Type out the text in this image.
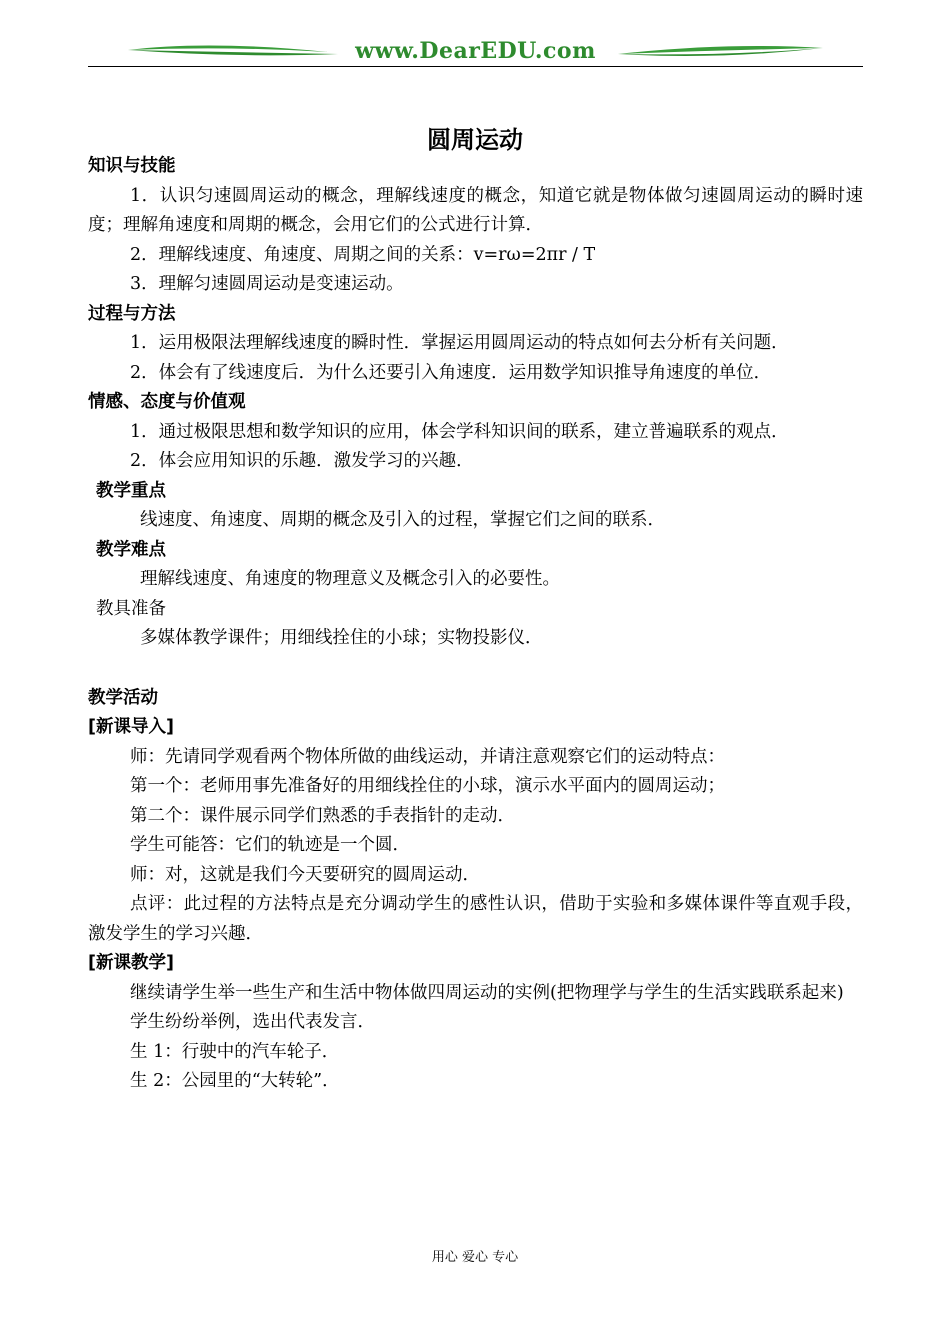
www.DearEDU.com
圆周运动
知识与技能
1．认识匀速圆周运动的概念，理解线速度的概念，知道它就是物体做匀速圆周运动的瞬时速度；理解角速度和周期的概念，会用它们的公式进行计算．
2．理解线速度、角速度、周期之间的关系：v=rω=2πr / T
3．理解匀速圆周运动是变速运动。
过程与方法
1．运用极限法理解线速度的瞬时性．掌握运用圆周运动的特点如何去分析有关问题．
2．体会有了线速度后．为什么还要引入角速度．运用数学知识推导角速度的单位．
情感、态度与价值观
1．通过极限思想和数学知识的应用，体会学科知识间的联系，建立普遍联系的观点．
2．体会应用知识的乐趣．激发学习的兴趣．
教学重点
线速度、角速度、周期的概念及引入的过程，掌握它们之间的联系．
教学难点
理解线速度、角速度的物理意义及概念引入的必要性。
教具准备
多媒体教学课件；用细线拴住的小球；实物投影仪．
教学活动
[新课导入]
师：先请同学观看两个物体所做的曲线运动，并请注意观察它们的运动特点：
第一个：老师用事先准备好的用细线拴住的小球，演示水平面内的圆周运动；
第二个：课件展示同学们熟悉的手表指针的走动．
学生可能答：它们的轨迹是一个圆．
师：对，这就是我们今天要研究的圆周运动．
点评：此过程的方法特点是充分调动学生的感性认识，借助于实验和多媒体课件等直观手段，激发学生的学习兴趣．
[新课教学]
继续请学生举一些生产和生活中物体做四周运动的实例(把物理学与学生的生活实践联系起来)
学生纷纷举例，选出代表发言．
生 1：行驶中的汽车轮子．
生 2：公园里的“大转轮”．
用心 爱心 专心
